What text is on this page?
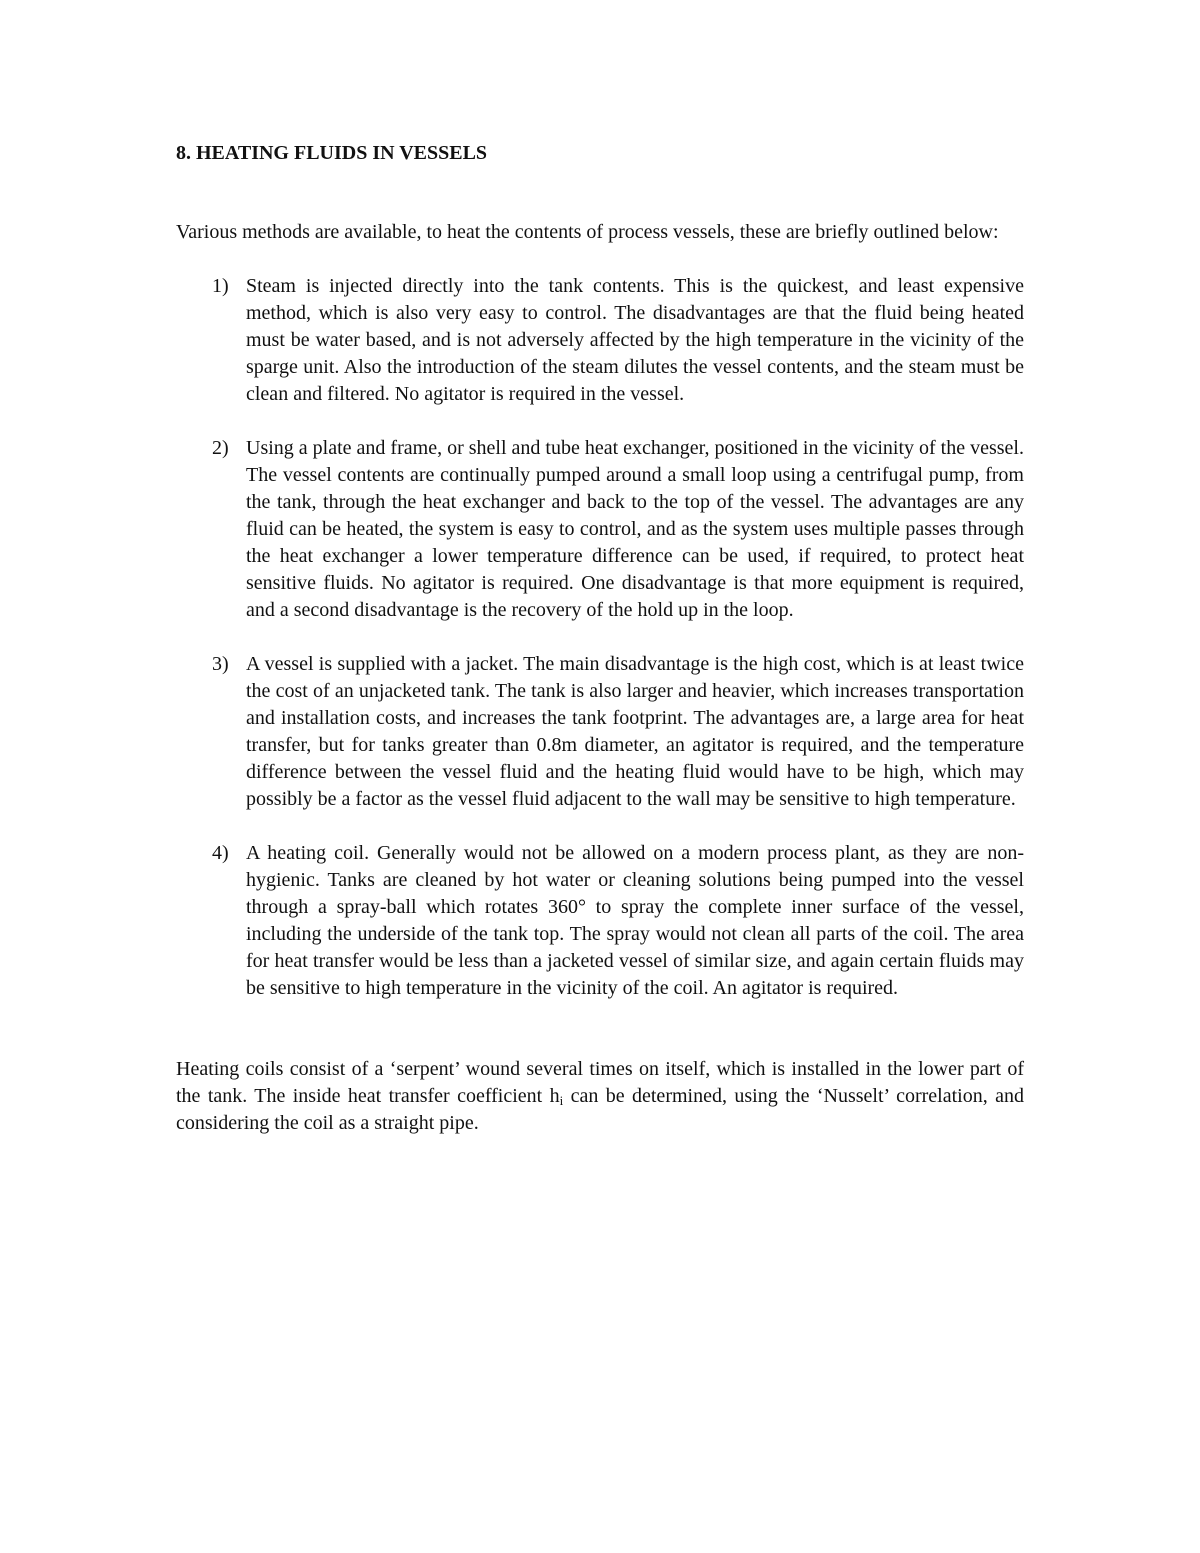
8. HEATING FLUIDS IN VESSELS

Various methods are available, to heat the contents of process vessels, these are briefly outlined below:

1) Steam is injected directly into the tank contents. This is the quickest, and least expensive method, which is also very easy to control. The disadvantages are that the fluid being heated must be water based, and is not adversely affected by the high temperature in the vicinity of the sparge unit. Also the introduction of the steam dilutes the vessel contents, and the steam must be clean and filtered. No agitator is required in the vessel.

2) Using a plate and frame, or shell and tube heat exchanger, positioned in the vicinity of the vessel. The vessel contents are continually pumped around a small loop using a centrifugal pump, from the tank, through the heat exchanger and back to the top of the vessel. The advantages are any fluid can be heated, the system is easy to control, and as the system uses multiple passes through the heat exchanger a lower temperature difference can be used, if required, to protect heat sensitive fluids. No agitator is required. One disadvantage is that more equipment is required, and a second disadvantage is the recovery of the hold up in the loop.

3) A vessel is supplied with a jacket. The main disadvantage is the high cost, which is at least twice the cost of an unjacketed tank. The tank is also larger and heavier, which increases transportation and installation costs, and increases the tank footprint. The advantages are, a large area for heat transfer, but for tanks greater than 0.8m diameter, an agitator is required, and the temperature difference between the vessel fluid and the heating fluid would have to be high, which may possibly be a factor as the vessel fluid adjacent to the wall may be sensitive to high temperature.

4) A heating coil. Generally would not be allowed on a modern process plant, as they are non-hygienic. Tanks are cleaned by hot water or cleaning solutions being pumped into the vessel through a spray-ball which rotates 360° to spray the complete inner surface of the vessel, including the underside of the tank top. The spray would not clean all parts of the coil. The area for heat transfer would be less than a jacketed vessel of similar size, and again certain fluids may be sensitive to high temperature in the vicinity of the coil. An agitator is required.

Heating coils consist of a ‘serpent’ wound several times on itself, which is installed in the lower part of the tank. The inside heat transfer coefficient $h_i$ can be determined, using the ‘Nusselt’ correlation, and considering the coil as a straight pipe.
